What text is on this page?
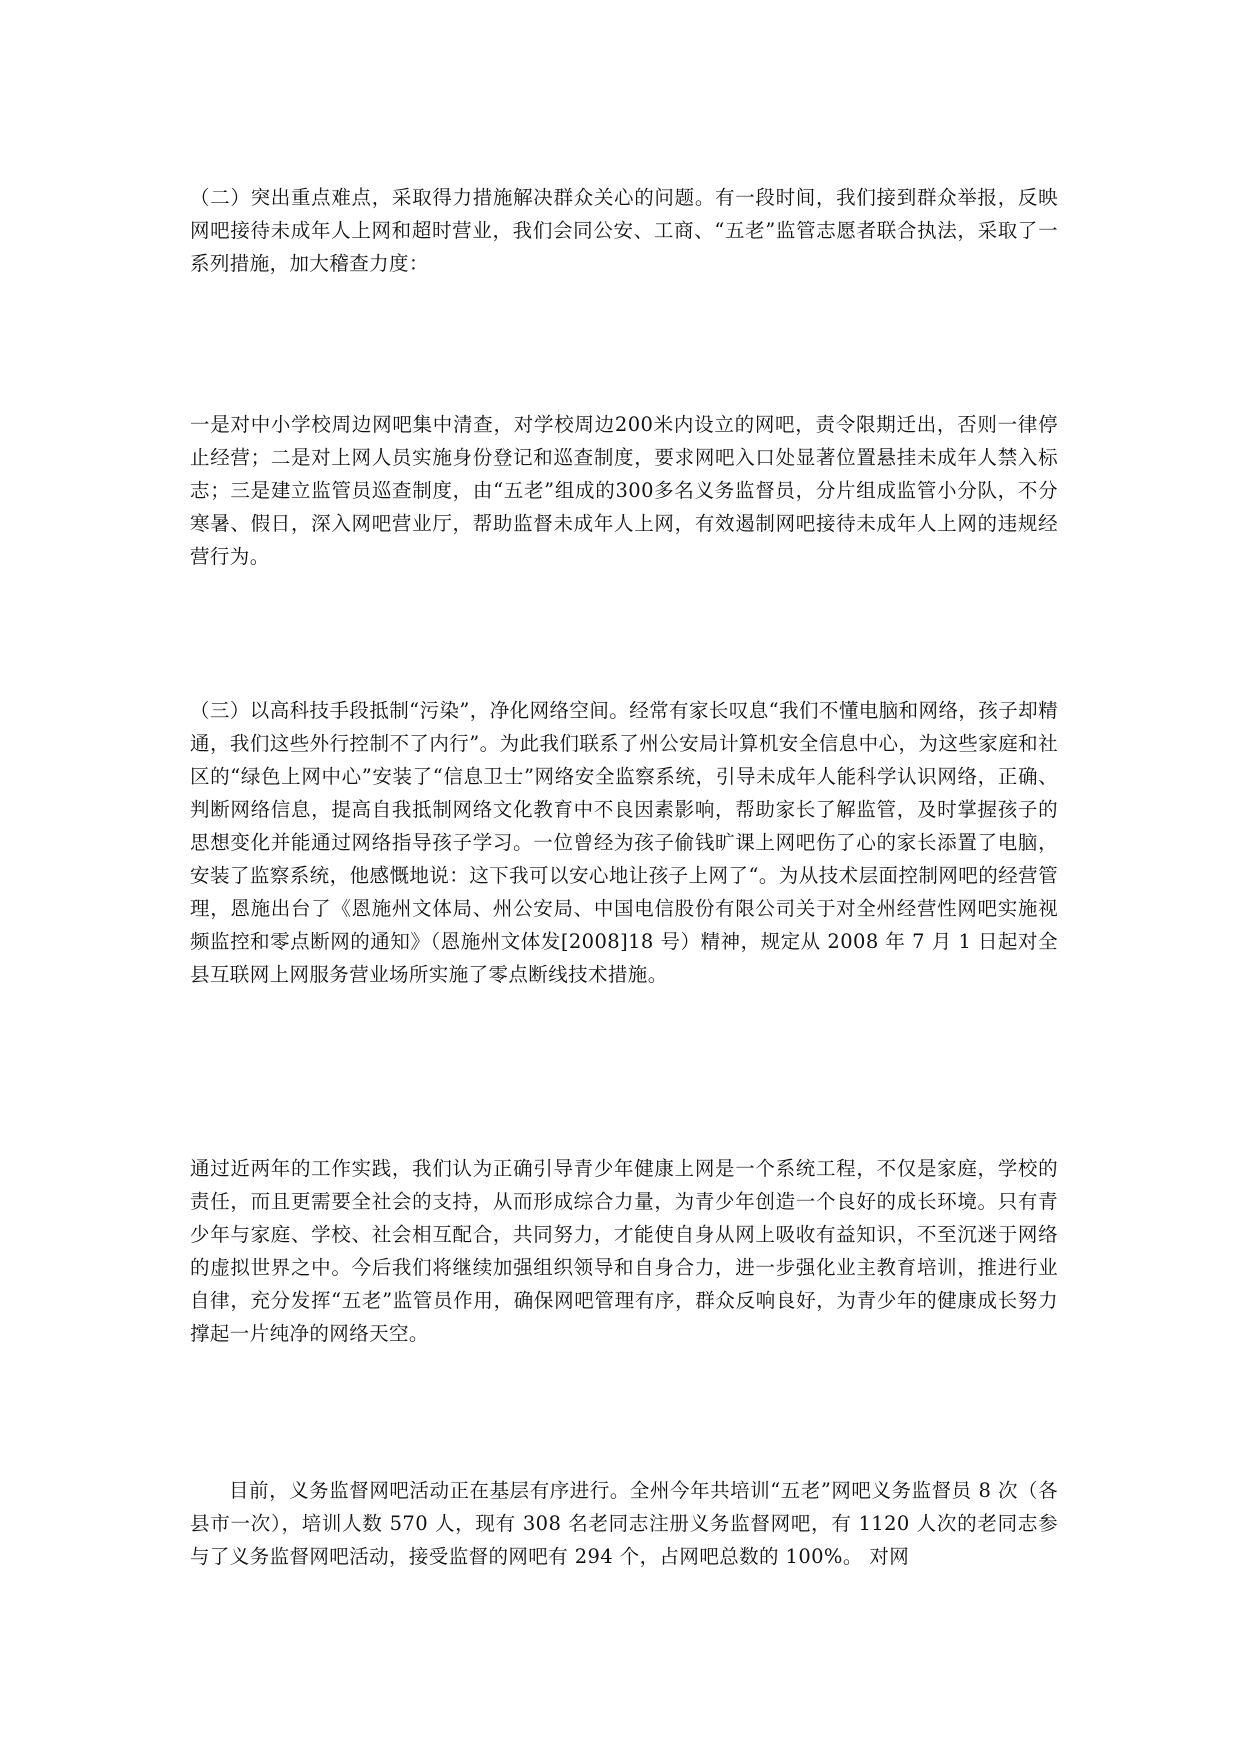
（二）突出重点难点，采取得力措施解决群众关心的问题。有一段时间，我们接到群众举报，反映网吧接待未成年人上网和超时营业，我们会同公安、工商、“五老”监管志愿者联合执法，采取了一系列措施，加大稽查力度：

一是对中小学校周边网吧集中清查，对学校周边200米内设立的网吧，责令限期迁出，否则一律停止经营；二是对上网人员实施身份登记和巡查制度，要求网吧入口处显著位置悬挂未成年人禁入标志；三是建立监管员巡查制度，由“五老”组成的300多名义务监督员，分片组成监管小分队，不分寒暑、假日，深入网吧营业厅，帮助监督未成年人上网，有效遏制网吧接待未成年人上网的违规经营行为。

（三）以高科技手段抵制“污染”，净化网络空间。经常有家长叹息“我们不懂电脑和网络，孩子却精通，我们这些外行控制不了内行”。为此我们联系了州公安局计算机安全信息中心，为这些家庭和社区的“绿色上网中心”安装了“信息卫士”网络安全监察系统，引导未成年人能科学认识网络，正确、判断网络信息，提高自我抵制网络文化教育中不良因素影响，帮助家长了解监管，及时掌握孩子的思想变化并能通过网络指导孩子学习。一位曾经为孩子偷钱旷课上网吧伤了心的家长添置了电脑，安装了监察系统，他感慨地说：这下我可以安心地让孩子上网了“。为从技术层面控制网吧的经营管理，恩施出台了《恩施州文体局、州公安局、中国电信股份有限公司关于对全州经营性网吧实施视频监控和零点断网的通知》（恩施州文体发[2008]18 号）精神，规定从 2008 年 7 月 1 日起对全县互联网上网服务营业场所实施了零点断线技术措施。

通过近两年的工作实践，我们认为正确引导青少年健康上网是一个系统工程，不仅是家庭，学校的责任，而且更需要全社会的支持，从而形成综合力量，为青少年创造一个良好的成长环境。只有青少年与家庭、学校、社会相互配合，共同努力，才能使自身从网上吸收有益知识，不至沉迷于网络的虚拟世界之中。今后我们将继续加强组织领导和自身合力，进一步强化业主教育培训，推进行业自律，充分发挥“五老”监管员作用，确保网吧管理有序，群众反响良好，为青少年的健康成长努力撑起一片纯净的网络天空。

目前，义务监督网吧活动正在基层有序进行。全州今年共培训“五老”网吧义务监督员 8 次（各县市一次），培训人数 570 人，现有 308 名老同志注册义务监督网吧，有 1120 人次的老同志参与了义务监督网吧活动，接受监督的网吧有 294 个，占网吧总数的 100%。 对网
